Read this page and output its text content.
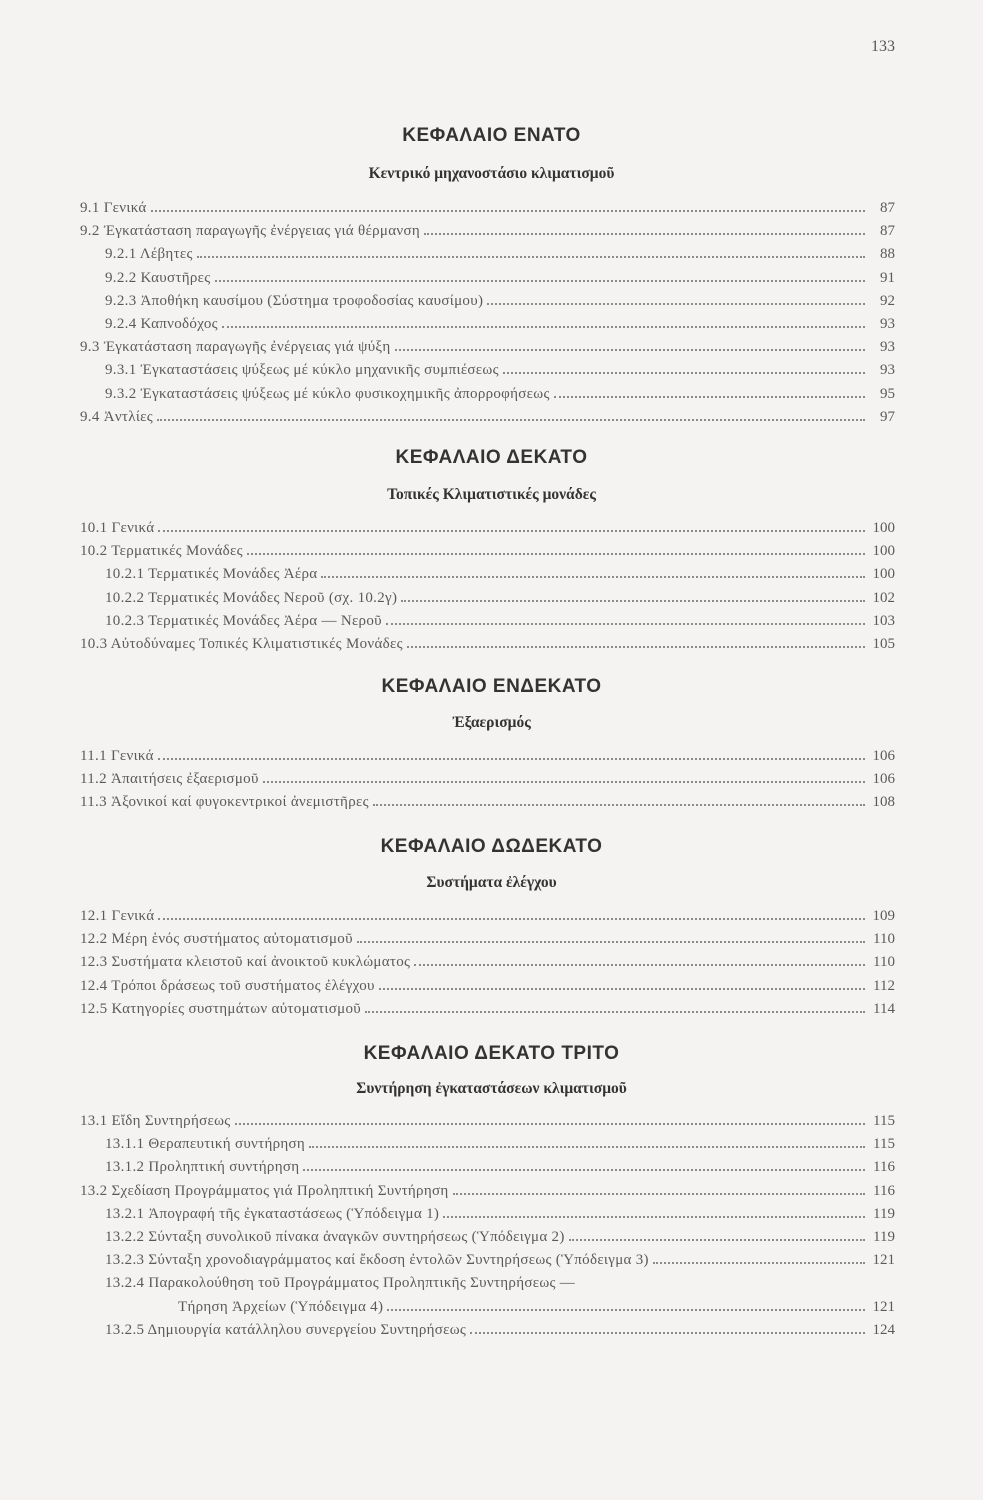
133
ΚΕΦΑΛΑΙΟ ΕΝΑΤΟ
Κεντρικό μηχανοστάσιο κλιματισμοῦ
9.1 Γενικά	87
9.2 Ἐγκατάσταση παραγωγῆς ἐνέργειας γιά θέρμανση	87
9.2.1 Λέβητες	88
9.2.2 Καυστῆρες	91
9.2.3 Ἀποθήκη καυσίμου (Σύστημα τροφοδοσίας καυσίμου)	92
9.2.4 Καπνοδόχος	93
9.3 Ἐγκατάσταση παραγωγῆς ἐνέργειας γιά ψύξη	93
9.3.1 Ἐγκαταστάσεις ψύξεως μέ κύκλο μηχανικῆς συμπιέσεως	93
9.3.2 Ἐγκαταστάσεις ψύξεως μέ κύκλο φυσικοχημικῆς ἀπορροφήσεως	95
9.4 Ἀντλίες	97
ΚΕΦΑΛΑΙΟ ΔΕΚΑΤΟ
Τοπικές Κλιματιστικές μονάδες
10.1 Γενικά	100
10.2 Τερματικές Μονάδες	100
10.2.1 Τερματικές Μονάδες Ἀέρα	100
10.2.2 Τερματικές Μονάδες Νεροῦ (σχ. 10.2γ)	102
10.2.3 Τερματικές Μονάδες Ἀέρα — Νεροῦ	103
10.3 Αὐτοδύναμες Τοπικές Κλιματιστικές Μονάδες	105
ΚΕΦΑΛΑΙΟ ΕΝΔΕΚΑΤΟ
Ἐξαερισμός
11.1 Γενικά	106
11.2 Ἀπαιτήσεις ἐξαερισμοῦ	106
11.3 Ἀξονικοί καί φυγοκεντρικοί ἀνεμιστῆρες	108
ΚΕΦΑΛΑΙΟ ΔΩΔΕΚΑΤΟ
Συστήματα ἐλέγχου
12.1 Γενικά	109
12.2 Μέρη ἑνός συστήματος αὐτοματισμοῦ	110
12.3 Συστήματα κλειστοῦ καί ἀνοικτοῦ κυκλώματος	110
12.4 Τρόποι δράσεως τοῦ συστήματος ἐλέγχου	112
12.5 Κατηγορίες συστημάτων αὐτοματισμοῦ	114
ΚΕΦΑΛΑΙΟ ΔΕΚΑΤΟ ΤΡΙΤΟ
Συντήρηση ἐγκαταστάσεων κλιματισμοῦ
13.1 Εἴδη Συντηρήσεως	115
13.1.1 Θεραπευτική συντήρηση	115
13.1.2 Προληπτική συντήρηση	116
13.2 Σχεδίαση Προγράμματος γιά Προληπτική Συντήρηση	116
13.2.1 Ἀπογραφή τῆς ἐγκαταστάσεως (Ὑπόδειγμα 1)	119
13.2.2 Σύνταξη συνολικοῦ πίνακα ἀναγκῶν συντηρήσεως (Ὑπόδειγμα 2)	119
13.2.3 Σύνταξη χρονοδιαγράμματος καί ἔκδοση ἐντολῶν Συντηρήσεως (Ὑπόδειγμα 3)	121
13.2.4 Παρακολούθηση τοῦ Προγράμματος Προληπτικῆς Συντηρήσεως —
Τήρηση Ἀρχείων (Ὑπόδειγμα 4)	121
13.2.5 Δημιουργία κατάλληλου συνεργείου Συντηρήσεως	124
